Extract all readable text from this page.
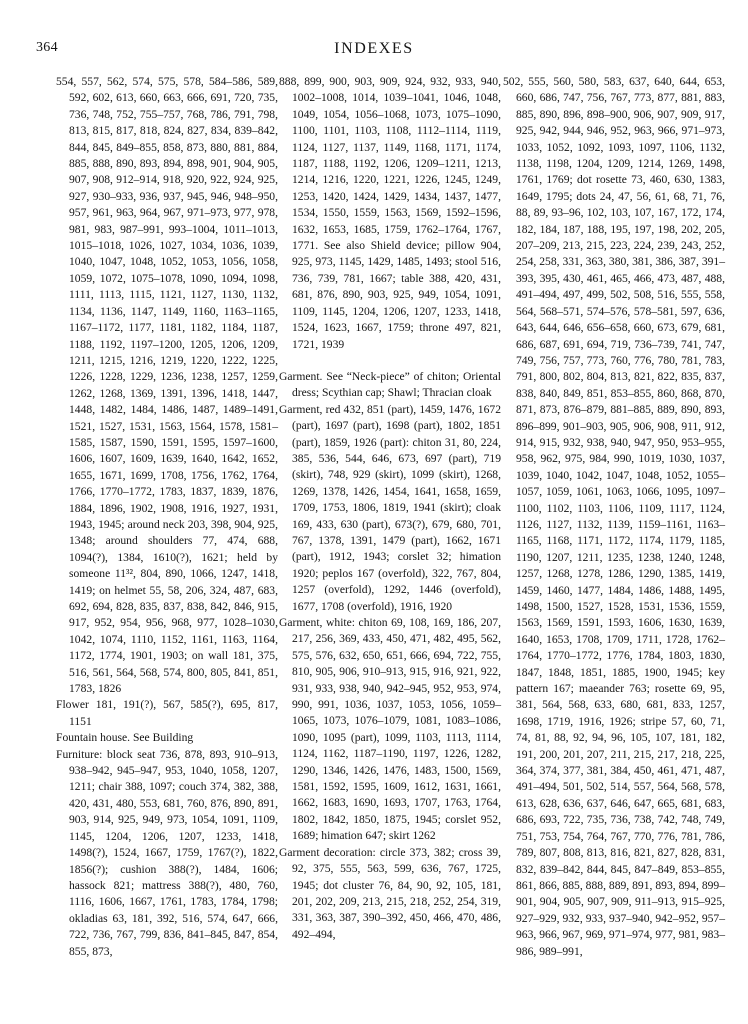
364	INDEXES

554, 557, 562, 574, 575, 578, 584–586, 589, 592, 602, 613, 660, 663, 666, 691, 720, 735, 736, 748, 752, 755–757, 768, 786, 791, 798, 813, 815, 817, 818, 824, 827, 834, 839–842, 844, 845, 849–855, 858, 873, 880, 881, 884, 885, 888, 890, 893, 894, 898, 901, 904, 905, 907, 908, 912–914, 918, 920, 922, 924, 925, 927, 930–933, 936, 937, 945, 946, 948–950, 957, 961, 963, 964, 967, 971–973, 977, 978, 981, 983, 987–991, 993–1004, 1011–1013, 1015–1018, 1026, 1027, 1034, 1036, 1039, 1040, 1047, 1048, 1052, 1053, 1056, 1058, 1059, 1072, 1075–1078, 1090, 1094, 1098, 1111, 1113, 1115, 1121, 1127, 1130, 1132, 1134, 1136, 1147, 1149, 1160, 1163–1165, 1167–1172, 1177, 1181, 1182, 1184, 1187, 1188, 1192, 1197–1200, 1205, 1206, 1209, 1211, 1215, 1216, 1219, 1220, 1222, 1225, 1226, 1228, 1229, 1236, 1238, 1257, 1259, 1262, 1268, 1369, 1391, 1396, 1418, 1447, 1448, 1482, 1484, 1486, 1487, 1489–1491, 1521, 1527, 1531, 1563, 1564, 1578, 1581–1585, 1587, 1590, 1591, 1595, 1597–1600, 1606, 1607, 1609, 1639, 1640, 1642, 1652, 1655, 1671, 1699, 1708, 1756, 1762, 1764, 1766, 1770–1772, 1783, 1837, 1839, 1876, 1884, 1896, 1902, 1908, 1916, 1927, 1931, 1943, 1945; around neck 203, 398, 904, 925, 1348; around shoulders 77, 474, 688, 1094(?), 1384, 1610(?), 1621; held by someone 11³², 804, 890, 1066, 1247, 1418, 1419; on helmet 55, 58, 206, 324, 487, 683, 692, 694, 828, 835, 837, 838, 842, 846, 915, 917, 952, 954, 956, 968, 977, 1028–1030, 1042, 1074, 1110, 1152, 1161, 1163, 1164, 1172, 1774, 1901, 1903; on wall 181, 375, 516, 561, 564, 568, 574, 800, 805, 841, 851, 1783, 1826

Flower 181, 191(?), 567, 585(?), 695, 817, 1151

Fountain house. See Building

Furniture: block seat 736, 878, 893, 910–913, 938–942, 945–947, 953, 1040, 1058, 1207, 1211; chair 388, 1097; couch 374, 382, 388, 420, 431, 480, 553, 681, 760, 876, 890, 891, 903, 914, 925, 949, 973, 1054, 1091, 1109, 1145, 1204, 1206, 1207, 1233, 1418, 1498(?), 1524, 1667, 1759, 1767(?), 1822, 1856(?); cushion 388(?), 1484, 1606; hassock 821; mattress 388(?), 480, 760, 1116, 1606, 1667, 1761, 1783, 1784, 1798; okladias 63, 181, 392, 516, 574, 647, 666, 722, 736, 767, 799, 836, 841–845, 847, 854, 855, 873,

888, 899, 900, 903, 909, 924, 932, 933, 940, 1002–1008, 1014, 1039–1041, 1046, 1048, 1049, 1054, 1056–1068, 1073, 1075–1090, 1100, 1101, 1103, 1108, 1112–1114, 1119, 1124, 1127, 1137, 1149, 1168, 1171, 1174, 1187, 1188, 1192, 1206, 1209–1211, 1213, 1214, 1216, 1220, 1221, 1226, 1245, 1249, 1253, 1420, 1424, 1429, 1434, 1437, 1477, 1534, 1550, 1559, 1563, 1569, 1592–1596, 1632, 1653, 1685, 1759, 1762–1764, 1767, 1771. See also Shield device; pillow 904, 925, 973, 1145, 1429, 1485, 1493; stool 516, 736, 739, 781, 1667; table 388, 420, 431, 681, 876, 890, 903, 925, 949, 1054, 1091, 1109, 1145, 1204, 1206, 1207, 1233, 1418, 1524, 1623, 1667, 1759; throne 497, 821, 1721, 1939

Garment. See “Neck-piece” of chiton; Oriental dress; Scythian cap; Shawl; Thracian cloak

Garment, red 432, 851 (part), 1459, 1476, 1672 (part), 1697 (part), 1698 (part), 1802, 1851 (part), 1859, 1926 (part): chiton 31, 80, 224, 385, 536, 544, 646, 673, 697 (part), 719 (skirt), 748, 929 (skirt), 1099 (skirt), 1268, 1269, 1378, 1426, 1454, 1641, 1658, 1659, 1709, 1753, 1806, 1819, 1941 (skirt); cloak 169, 433, 630 (part), 673(?), 679, 680, 701, 767, 1378, 1391, 1479 (part), 1662, 1671 (part), 1912, 1943; corslet 32; himation 1920; peplos 167 (overfold), 322, 767, 804, 1257 (overfold), 1292, 1446 (overfold), 1677, 1708 (overfold), 1916, 1920

Garment, white: chiton 69, 108, 169, 186, 207, 217, 256, 369, 433, 450, 471, 482, 495, 562, 575, 576, 632, 650, 651, 666, 694, 722, 755, 810, 905, 906, 910–913, 915, 916, 921, 922, 931, 933, 938, 940, 942–945, 952, 953, 974, 990, 991, 1036, 1037, 1053, 1056, 1059–1065, 1073, 1076–1079, 1081, 1083–1086, 1090, 1095 (part), 1099, 1103, 1113, 1114, 1124, 1162, 1187–1190, 1197, 1226, 1282, 1290, 1346, 1426, 1476, 1483, 1500, 1569, 1581, 1592, 1595, 1609, 1612, 1631, 1661, 1662, 1683, 1690, 1693, 1707, 1763, 1764, 1802, 1842, 1850, 1875, 1945; corslet 952, 1689; himation 647; skirt 1262

Garment decoration: circle 373, 382; cross 39, 92, 375, 555, 563, 599, 636, 767, 1725, 1945; dot cluster 76, 84, 90, 92, 105, 181, 201, 202, 209, 213, 215, 218, 252, 254, 319, 331, 363, 387, 390–392, 450, 466, 470, 486, 492–494,

502, 555, 560, 580, 583, 637, 640, 644, 653, 660, 686, 747, 756, 767, 773, 877, 881, 883, 885, 890, 896, 898–900, 906, 907, 909, 917, 925, 942, 944, 946, 952, 963, 966, 971–973, 1033, 1052, 1092, 1093, 1097, 1106, 1132, 1138, 1198, 1204, 1209, 1214, 1269, 1498, 1761, 1769; dot rosette 73, 460, 630, 1383, 1649, 1795; dots 24, 47, 56, 61, 68, 71, 76, 88, 89, 93–96, 102, 103, 107, 167, 172, 174, 182, 184, 187, 188, 195, 197, 198, 202, 205, 207–209, 213, 215, 223, 224, 239, 243, 252, 254, 258, 331, 363, 380, 381, 386, 387, 391–393, 395, 430, 461, 465, 466, 473, 487, 488, 491–494, 497, 499, 502, 508, 516, 555, 558, 564, 568–571, 574–576, 578–581, 597, 636, 643, 644, 646, 656–658, 660, 673, 679, 681, 686, 687, 691, 694, 719, 736–739, 741, 747, 749, 756, 757, 773, 760, 776, 780, 781, 783, 791, 800, 802, 804, 813, 821, 822, 835, 837, 838, 840, 849, 851, 853–855, 860, 868, 870, 871, 873, 876–879, 881–885, 889, 890, 893, 896–899, 901–903, 905, 906, 908, 911, 912, 914, 915, 932, 938, 940, 947, 950, 953–955, 958, 962, 975, 984, 990, 1019, 1030, 1037, 1039, 1040, 1042, 1047, 1048, 1052, 1055–1057, 1059, 1061, 1063, 1066, 1095, 1097–1100, 1102, 1103, 1106, 1109, 1117, 1124, 1126, 1127, 1132, 1139, 1159–1161, 1163–1165, 1168, 1171, 1172, 1174, 1179, 1185, 1190, 1207, 1211, 1235, 1238, 1240, 1248, 1257, 1268, 1278, 1286, 1290, 1385, 1419, 1459, 1460, 1477, 1484, 1486, 1488, 1495, 1498, 1500, 1527, 1528, 1531, 1536, 1559, 1563, 1569, 1591, 1593, 1606, 1630, 1639, 1640, 1653, 1708, 1709, 1711, 1728, 1762–1764, 1770–1772, 1776, 1784, 1803, 1830, 1847, 1848, 1851, 1885, 1900, 1945; key pattern 167; maeander 763; rosette 69, 95, 381, 564, 568, 633, 680, 681, 833, 1257, 1698, 1719, 1916, 1926; stripe 57, 60, 71, 74, 81, 88, 92, 94, 96, 105, 107, 181, 182, 191, 200, 201, 207, 211, 215, 217, 218, 225, 364, 374, 377, 381, 384, 450, 461, 471, 487, 491–494, 501, 502, 514, 557, 564, 568, 578, 613, 628, 636, 637, 646, 647, 665, 681, 683, 686, 693, 722, 735, 736, 738, 742, 748, 749, 751, 753, 754, 764, 767, 770, 776, 781, 786, 789, 807, 808, 813, 816, 821, 827, 828, 831, 832, 839–842, 844, 845, 847–849, 853–855, 861, 866, 885, 888, 889, 891, 893, 894, 899–901, 904, 905, 907, 909, 911–913, 915–925, 927–929, 932, 933, 937–940, 942–952, 957–963, 966, 967, 969, 971–974, 977, 981, 983–986, 989–991,
